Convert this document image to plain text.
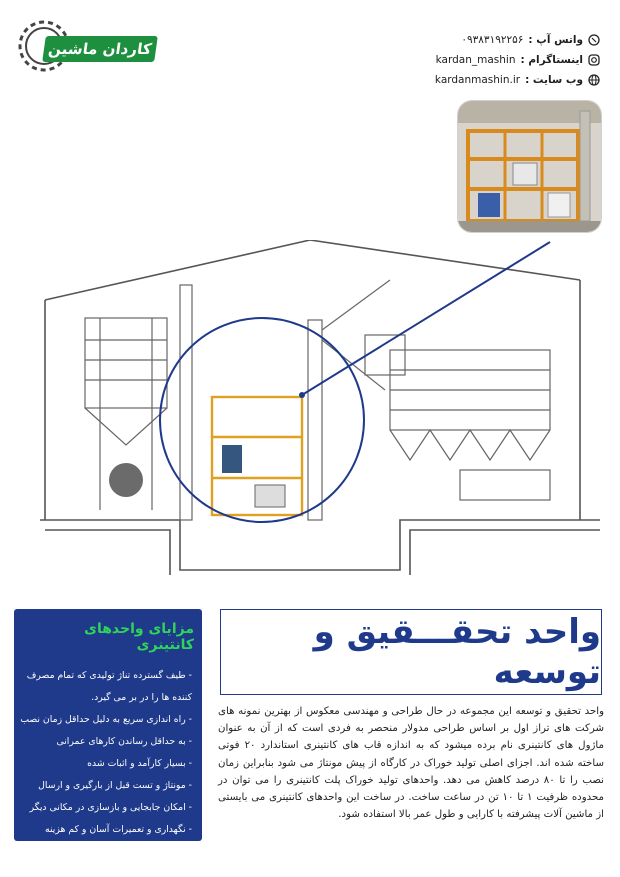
کاردان ماشین	واتس آپ :
۰۹۳۸۳۱۹۲۲۵۶
اینستاگرام :
kardan_mashin
وب سایت :
kardanmashin.ir
مزایای واحدهای کانتینری
- طیف گسترده تناژ تولیدی که تمام مصرف
کننده ها را در بر می گیرد.
- راه اندازی سریع به دلیل حداقل زمان نصب
- به حداقل رساندن کارهای عمرانی
- بسیار کارآمد و اثبات شده
- مونتاژ و تست قبل از بارگیری و ارسال
- امکان جابجایی و بازسازی در مکانی دیگر
- نگهداری و تعمیرات آسان و کم هزینه
واحد تحقـــقیق و توسعه
واحد تحقیق و توسعه این مجموعه در حال طراحی و مهندسی معکوس از بهترین نمونه های شرکت های تراز اول بر اساس طراحی مدولار منحصر به فردی است که از آن به عنوان ماژول های کانتینری نام برده میشود که به اندازه قاب های کانتینری استاندارد ۲۰ فوتی ساخته شده اند. اجزای اصلی تولید خوراک در کارگاه از پیش مونتاژ می شود بنابراین زمان نصب را تا ۸۰ درصد کاهش می دهد. واحدهای تولید خوراک پلت کانتینری را می توان در محدوده ظرفیت ۱ تا ۱۰ تن در ساعت ساخت. در ساخت این واحدهای کانتینری می بایستی از ماشین آلات پیشرفته با کارایی و طول عمر بالا استفاده شود.
